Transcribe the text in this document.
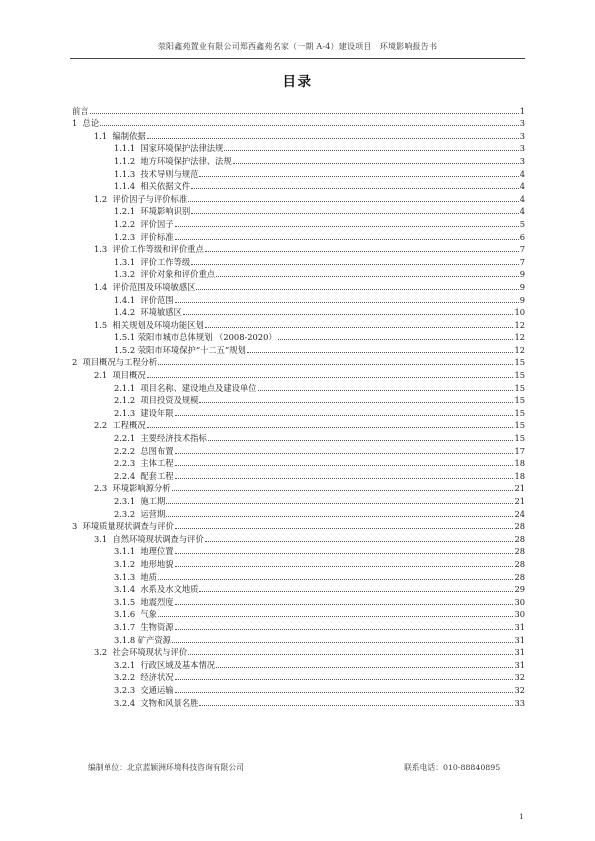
荥阳鑫苑置业有限公司郑西鑫苑名家（一期 A-4）建设项目　环境影响报告书
目录
前言	1
1  总论	3
1.1  编制依据	3
1.1.1  国家环境保护法律法规	3
1.1.2  地方环境保护法律、法规	3
1.1.3  技术导则与规范	4
1.1.4  相关依据文件	4
1.2  评价因子与评价标准	4
1.2.1  环境影响识别	4
1.2.2  评价因子	5
1.2.3  评价标准	6
1.3  评价工作等级和评价重点	7
1.3.1  评价工作等级	7
1.3.2  评价对象和评价重点	9
1.4  评价范围及环境敏感区	9
1.4.1  评价范围	9
1.4.2  环境敏感区	10
1.5  相关规划及环境功能区划	12
1.5.1 荥阳市城市总体规划 （2008-2020）	12
1.5.2 荥阳市环境保护“十二五”规划	12
2  项目概况与工程分析	15
2.1  项目概况	15
2.1.1  项目名称、建设地点及建设单位	15
2.1.2  项目投资及规模	15
2.1.3  建设年限	15
2.2  工程概况	15
2.2.1  主要经济技术指标	15
2.2.2  总图布置	17
2.2.3  主体工程	18
2.2.4  配套工程	18
2.3  环境影响源分析	21
2.3.1  施工期	21
2.3.2  运营期	24
3  环境质量现状调查与评价	28
3.1  自然环境现状调查与评价	28
3.1.1  地理位置	28
3.1.2  地形地貌	28
3.1.3  地质	28
3.1.4  水系及水文地质	29
3.1.5  地震烈度	30
3.1.6  气象	30
3.1.7  生物资源	31
3.1.8 矿产资源	31
3.2  社会环境现状与评价	31
3.2.1  行政区域及基本情况	31
3.2.2  经济状况	32
3.2.3  交通运输	32
3.2.4  文物和风景名胜	33
编制单位：北京蓝颖洲环境科技咨询有限公司	联系电话：010-88840895
1
